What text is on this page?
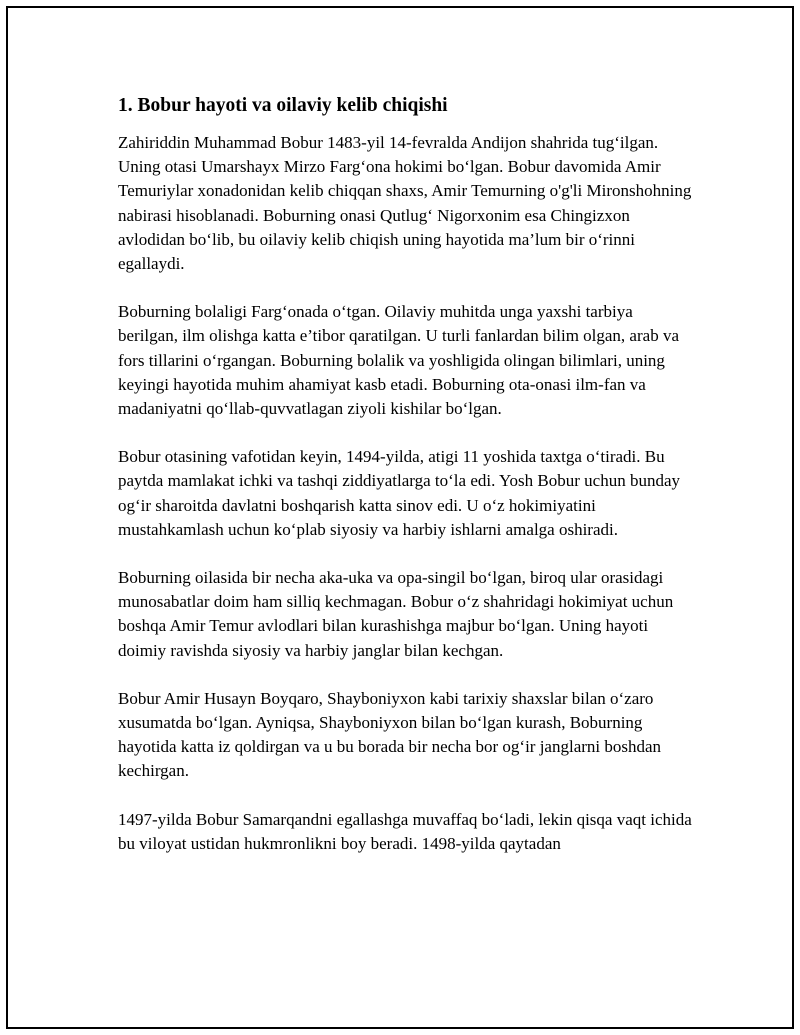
1. Bobur hayoti va oilaviy kelib chiqishi

Zahiriddin Muhammad Bobur 1483-yil 14-fevralda Andijon shahrida tug‘ilgan. Uning otasi Umarshayx Mirzo Farg‘ona hokimi bo‘lgan. Bobur davomida Amir Temuriylar xonadonidan kelib chiqqan shaxs, Amir Temurning o'g'li Mironshohning nabirasi hisoblanadi. Boburning onasi Qutlug‘ Nigorxonim esa Chingizxon avlodidan bo‘lib, bu oilaviy kelib chiqish uning hayotida ma’lum bir o‘rinni egallaydi.

Boburning bolaligi Farg‘onada o‘tgan. Oilaviy muhitda unga yaxshi tarbiya berilgan, ilm olishga katta e’tibor qaratilgan. U turli fanlardan bilim olgan, arab va fors tillarini o‘rgangan. Boburning bolalik va yoshligida olingan bilimlari, uning keyingi hayotida muhim ahamiyat kasb etadi. Boburning ota-onasi ilm-fan va madaniyatni qo‘llab-quvvatlagan ziyoli kishilar bo‘lgan.

Bobur otasining vafotidan keyin, 1494-yilda, atigi 11 yoshida taxtga o‘tiradi. Bu paytda mamlakat ichki va tashqi ziddiyatlarga to‘la edi. Yosh Bobur uchun bunday og‘ir sharoitda davlatni boshqarish katta sinov edi. U o‘z hokimiyatini mustahkamlash uchun ko‘plab siyosiy va harbiy ishlarni amalga oshiradi.

Boburning oilasida bir necha aka-uka va opa-singil bo‘lgan, biroq ular orasidagi munosabatlar doim ham silliq kechmagan. Bobur o‘z shahridagi hokimiyat uchun boshqa Amir Temur avlodlari bilan kurashishga majbur bo‘lgan. Uning hayoti doimiy ravishda siyosiy va harbiy janglar bilan kechgan.

Bobur Amir Husayn Boyqaro, Shayboniyxon kabi tarixiy shaxslar bilan o‘zaro xusumatda bo‘lgan. Ayniqsa, Shayboniyxon bilan bo‘lgan kurash, Boburning hayotida katta iz qoldirgan va u bu borada bir necha bor og‘ir janglarni boshdan kechirgan.

1497-yilda Bobur Samarqandni egallashga muvaffaq bo‘ladi, lekin qisqa vaqt ichida bu viloyat ustidan hukmronlikni boy beradi. 1498-yilda qaytadan
